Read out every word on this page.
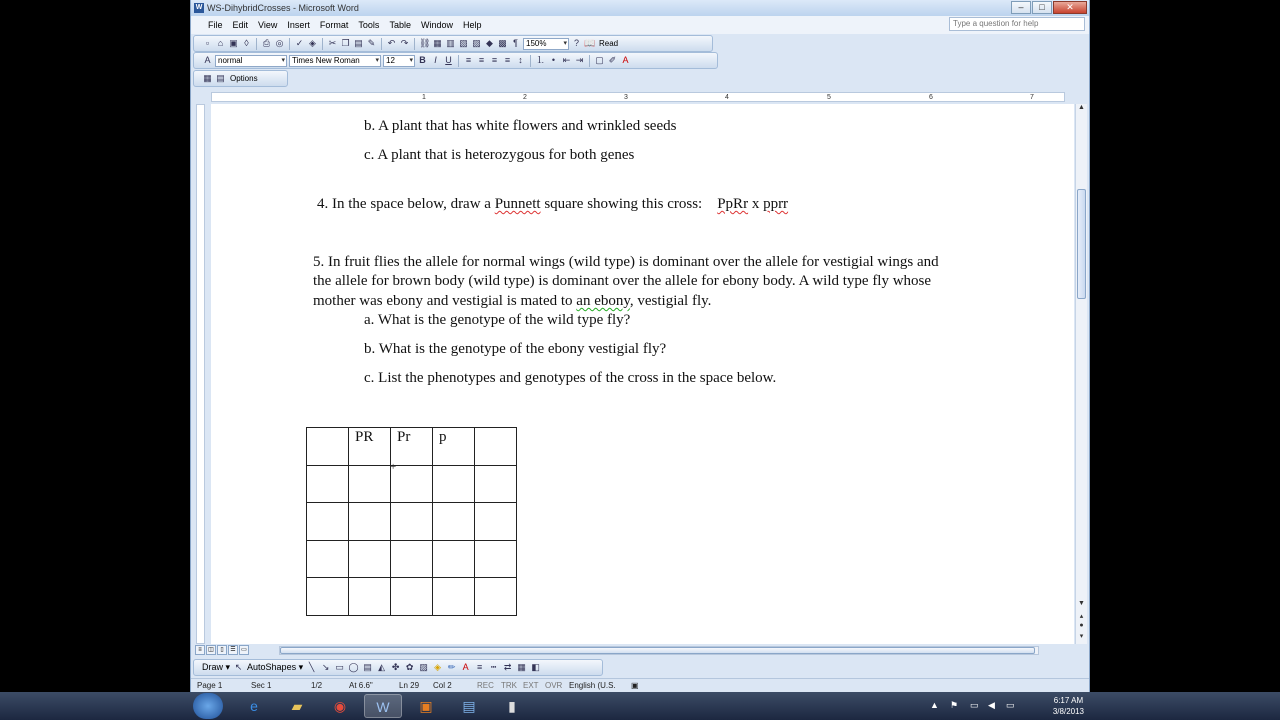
W WS-DihybridCrosses - Microsoft Word	–	□	✕
File	Edit	View	Insert	Format	Tools	Table	Window	Help	Type a question for help
▫ ⌂ ▣ ◊	⎙ ◎ ✓ ◈ ✂ ❐ ▤ ✎ ↶ ↷ ⛓ ▦ ▥ ▧ ▨ ◆ ▩ ¶	150% ▾	? 📖 Read
A normal ▾	Times New Roman ▾	12 ▾	B I U	≡ ≡ ≡ ≡ ↕	⒈ • ⇤ ⇥ ▢ ✐ A
▦ ▤ Options
3	4	5	6	7
1	2
b. A plant that has white flowers and wrinkled seeds
c. A plant that is heterozygous for both genes
4. In the space below, draw a Punnett square showing this cross:    PpRr x pprr
5. In fruit flies the allele for normal wings (wild type) is dominant over the allele for vestigial wings and
the allele for brown body (wild type) is dominant over the allele for ebony body. A wild type fly whose
mother was ebony and vestigial is mated to an ebony, vestigial fly.
a. What is the genotype of the wild type fly?
b. What is the genotype of the ebony vestigial fly?
c. List the phenotypes and genotypes of the cross in the space below.
	PR	Pr	p	

+
▲
▼
▴
●
▾
≡	◫	▯	☰ ▭
Draw ▾ ↖ AutoShapes ▾ ╲ ↘ ▭ ◯ ▤ ◭ ✤ ✿ ▨ ◈ ✏ A ≡ ┅ ⇄ ▦ ◧
Page 1	Sec 1	1/2	At 6.6"	Ln 29 Col 2	REC TRK EXT OVR English (U.S. ▣
e	▰	◉	W	▣	▤	▮	▲ ⚑ ▭ ◀ ▭	6:17 AM
3/8/2013
